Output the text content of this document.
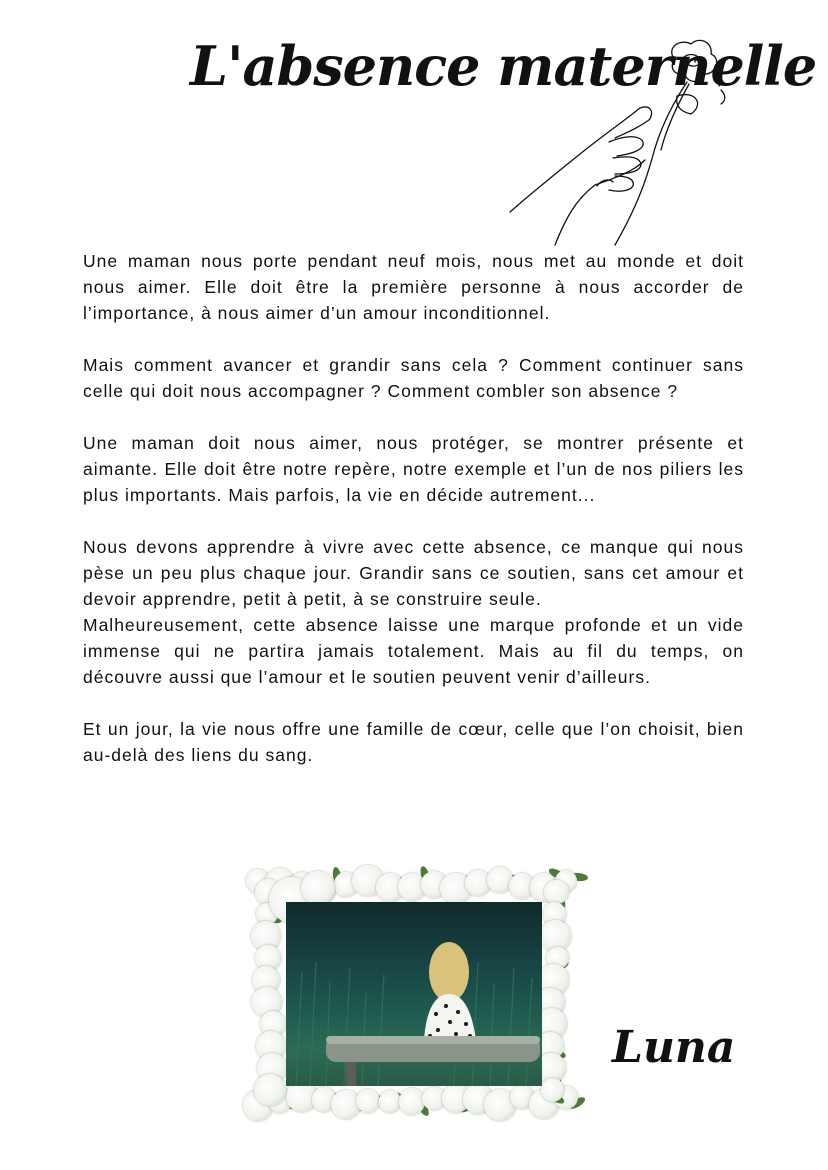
L'absence maternelle

Une maman nous porte pendant neuf mois, nous met au monde et doit nous aimer. Elle doit être la première personne à nous accorder de l’importance, à nous aimer d’un amour inconditionnel.

Mais comment avancer et grandir sans cela ? Comment continuer sans celle qui doit nous accompagner ? Comment combler son absence ?

Une maman doit nous aimer, nous protéger, se montrer présente et aimante. Elle doit être notre repère, notre exemple et l’un de nos piliers les plus importants. Mais parfois, la vie en décide autrement...

Nous devons apprendre à vivre avec cette absence, ce manque qui nous pèse un peu plus chaque jour. Grandir sans ce soutien, sans cet amour et devoir apprendre, petit à petit, à se construire seule.

Malheureusement, cette absence laisse une marque profonde et un vide immense qui ne partira jamais totalement. Mais au fil du temps, on découvre aussi que l’amour et le soutien peuvent venir d’ailleurs.

Et un jour, la vie nous offre une famille de cœur, celle que l’on choisit, bien au-delà des liens du sang.

Luna
